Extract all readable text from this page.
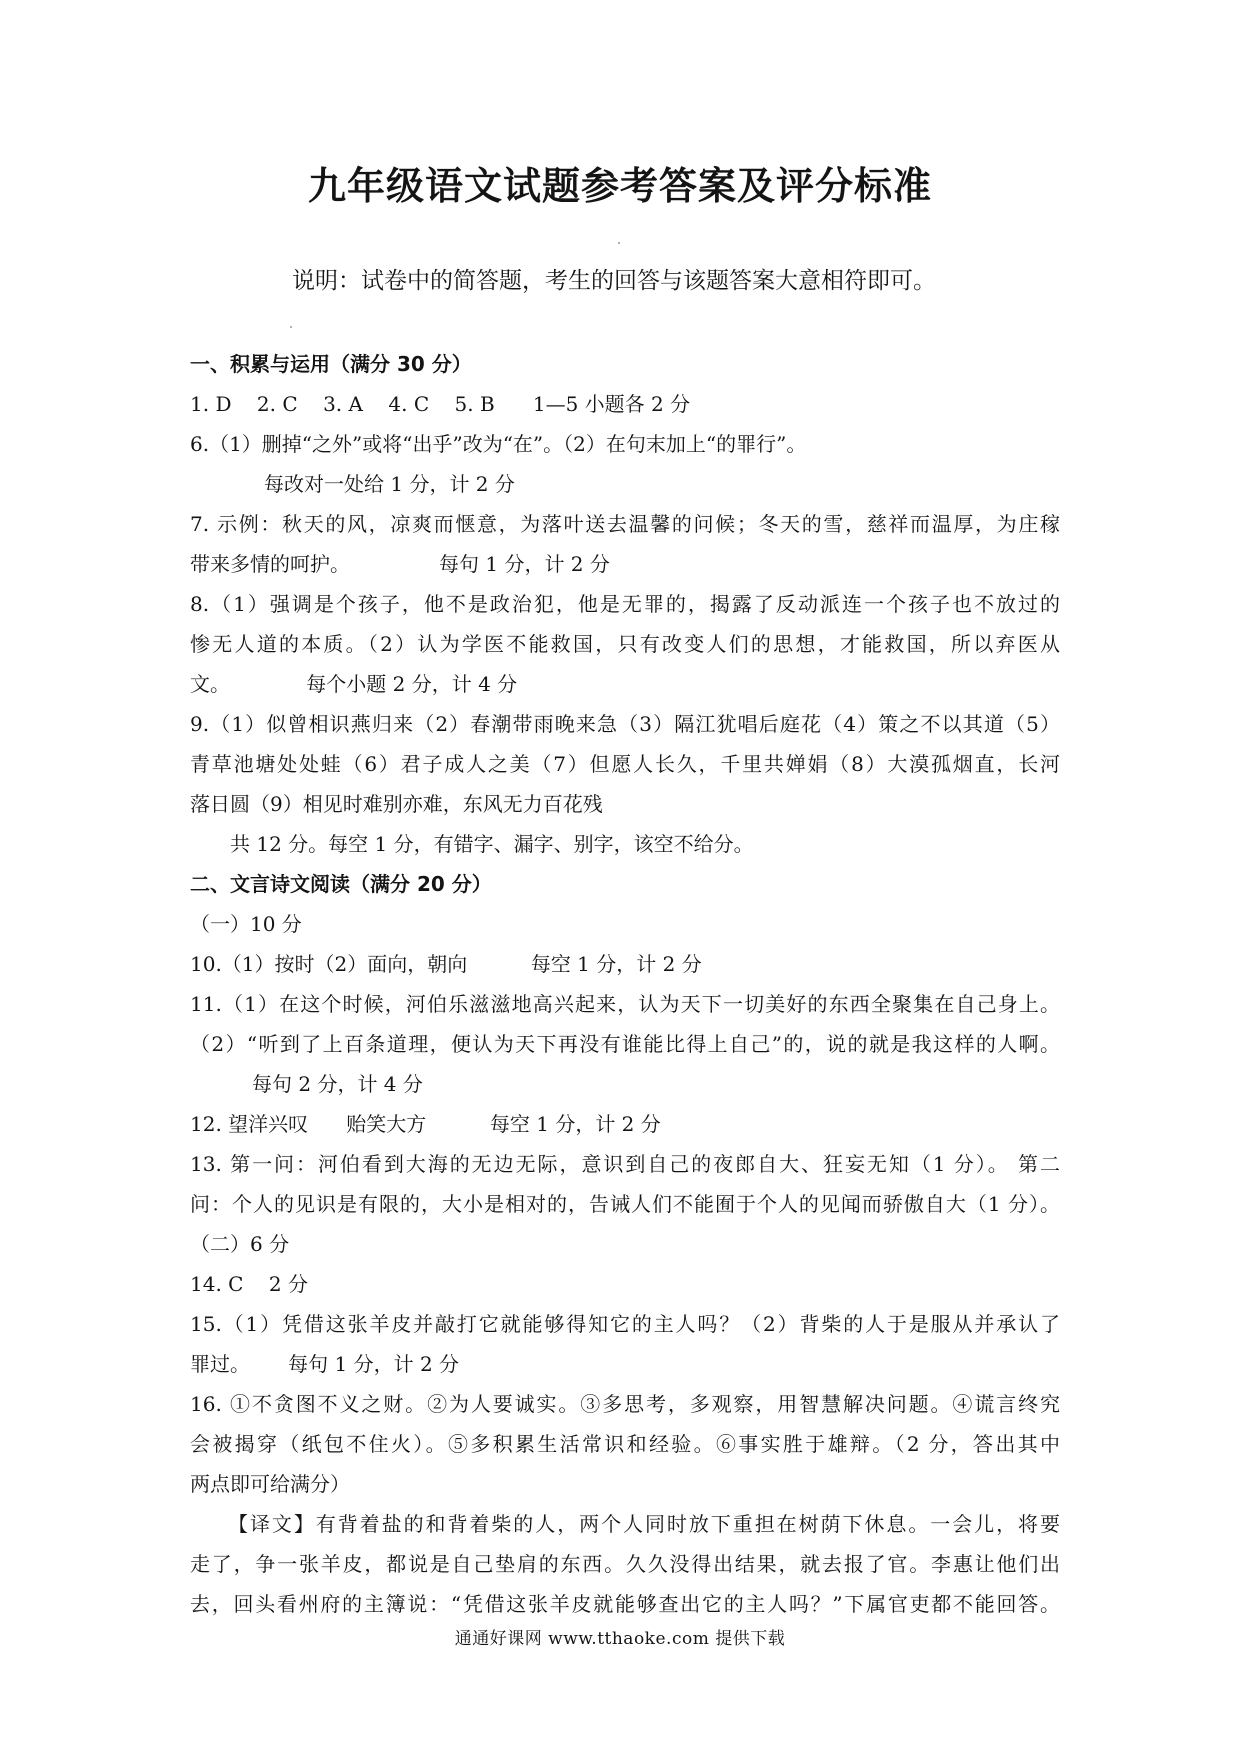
九年级语文试题参考答案及评分标准
说明：试卷中的简答题，考生的回答与该题答案大意相符即可。
一、积累与运用（满分 30 分）
1. D    2. C    3. A    4. C    5. B      1—5 小题各 2 分
6.（1）删掉“之外”或将“出乎”改为“在”。（2）在句末加上“的罪行”。
每改对一处给 1 分，计 2 分
7. 示例：秋天的风，凉爽而惬意，为落叶送去温馨的问候；冬天的雪，慈祥而温厚，为庄稼
带来多情的呵护。              每句 1 分，计 2 分
8.（1）强调是个孩子，他不是政治犯，他是无罪的，揭露了反动派连一个孩子也不放过的
惨无人道的本质。（2）认为学医不能救国，只有改变人们的思想，才能救国，所以弃医从
文。            每个小题 2 分，计 4 分
9.（1）似曾相识燕归来（2）春潮带雨晚来急（3）隔江犹唱后庭花（4）策之不以其道（5）
青草池塘处处蛙（6）君子成人之美（7）但愿人长久，千里共婵娟（8）大漠孤烟直，长河
落日圆（9）相见时难别亦难，东风无力百花残
共 12 分。每空 1 分，有错字、漏字、别字，该空不给分。
二、文言诗文阅读（满分 20 分）
（一）10 分
10.（1）按时（2）面向，朝向          每空 1 分，计 2 分
11.（1）在这个时候，河伯乐滋滋地高兴起来，认为天下一切美好的东西全聚集在自己身上。
（2）“听到了上百条道理，便认为天下再没有谁能比得上自己”的，说的就是我这样的人啊。
每句 2 分，计 4 分
12. 望洋兴叹      贻笑大方          每空 1 分，计 2 分
13. 第一问：河伯看到大海的无边无际，意识到自己的夜郎自大、狂妄无知（1 分）。 第二
问：个人的见识是有限的，大小是相对的，告诫人们不能囿于个人的见闻而骄傲自大（1 分）。
（二）6 分
14. C    2 分
15.（1）凭借这张羊皮并敲打它就能够得知它的主人吗？（2）背柴的人于是服从并承认了
罪过。      每句 1 分，计 2 分
16. ①不贪图不义之财。②为人要诚实。③多思考，多观察，用智慧解决问题。④谎言终究
会被揭穿（纸包不住火）。⑤多积累生活常识和经验。⑥事实胜于雄辩。（2 分，答出其中
两点即可给满分）
【译文】有背着盐的和背着柴的人，两个人同时放下重担在树荫下休息。一会儿，将要
走了，争一张羊皮，都说是自己垫肩的东西。久久没得出结果，就去报了官。李惠让他们出
去，回头看州府的主簿说：“凭借这张羊皮就能够查出它的主人吗？”下属官吏都不能回答。
通通好课网 www.tthaoke.com 提供下载
